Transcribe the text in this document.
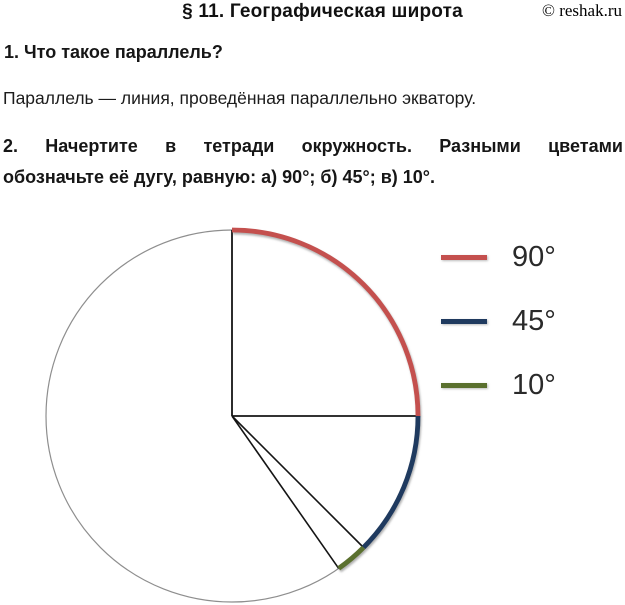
§ 11. Географическая широта	© reshak.ru
1. Что такое параллель?
Параллель — линия, проведённая параллельно экватору.
2. Начертите в тетради окружность. Разными цветами
обозначьте её дугу, равную: а) 90°; б) 45°; в) 10°.
90°
45°
10°
